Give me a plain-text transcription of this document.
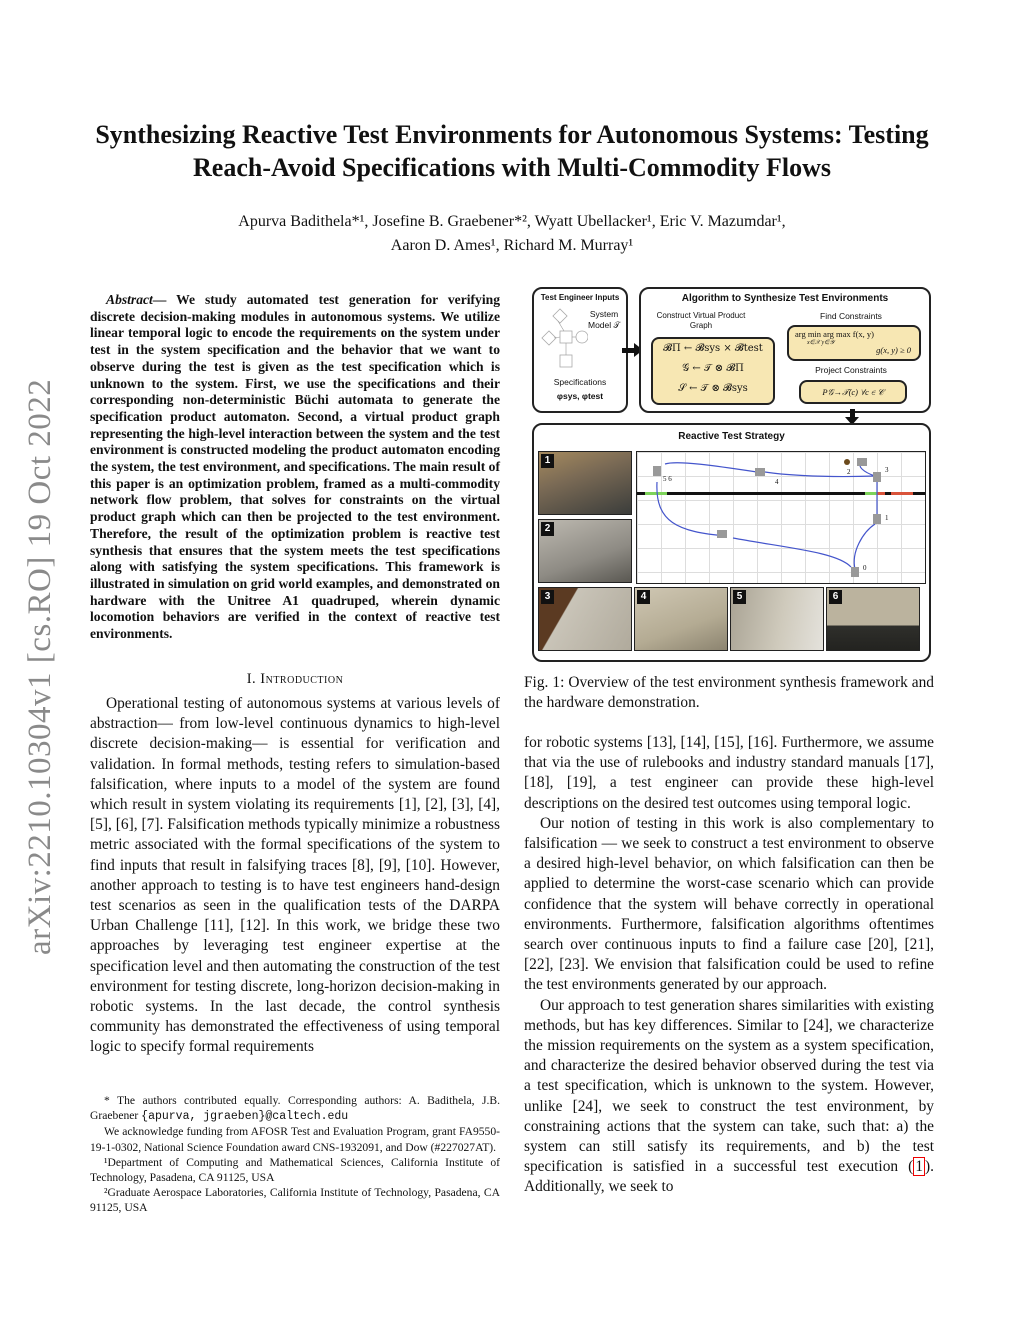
arXiv:2210.10304v1 [cs.RO] 19 Oct 2022
Synthesizing Reactive Test Environments for Autonomous Systems: Testing Reach-Avoid Specifications with Multi-Commodity Flows
Apurva Badithela*¹, Josefine B. Graebener*², Wyatt Ubellacker¹, Eric V. Mazumdar¹,
Aaron D. Ames¹, Richard M. Murray¹

Abstract— We study automated test generation for verifying discrete decision-making modules in autonomous systems. We utilize linear temporal logic to encode the requirements on the system under test in the system specification and the behavior that we want to observe during the test is given as the test specification which is unknown to the system. First, we use the specifications and their corresponding non-deterministic Büchi automata to generate the specification product automaton. Second, a virtual product graph representing the high-level interaction between the system and the test environment is constructed modeling the product automaton encoding the system, the test environment, and specifications. The main result of this paper is an optimization problem, framed as a multi-commodity network flow problem, that solves for constraints on the virtual product graph which can then be projected to the test environment. Therefore, the result of the optimization problem is reactive test synthesis that ensures that the system meets the test specifications along with satisfying the system specifications. This framework is illustrated in simulation on grid world examples, and demonstrated on hardware with the Unitree A1 quadruped, wherein dynamic locomotion behaviors are verified in the context of reactive test environments.

I. Introduction

Operational testing of autonomous systems at various levels of abstraction— from low-level continuous dynamics to high-level discrete decision-making— is essential for verification and validation. In formal methods, testing refers to simulation-based falsification, where inputs to a model of the system are found which result in system violating its requirements [1], [2], [3], [4], [5], [6], [7]. Falsification methods typically minimize a robustness metric associated with the formal specifications of the system to find inputs that result in falsifying traces [8], [9], [10]. However, another approach to testing is to have test engineers hand-design test scenarios as seen in the qualification tests of the DARPA Urban Challenge [11], [12]. In this work, we bridge these two approaches by leveraging test engineer expertise at the specification level and then automating the construction of the test environment for testing discrete, long-horizon decision-making in robotic systems. In the last decade, the control synthesis community has demonstrated the effectiveness of using temporal logic to specify formal requirements

* The authors contributed equally. Corresponding authors: A. Badithela, J.B. Graebener {apurva, jgraeben}@caltech.edu

We acknowledge funding from AFOSR Test and Evaluation Program, grant FA9550-19-1-0302, National Science Foundation award CNS-1932091, and Dow (#227027AT).

¹Department of Computing and Mathematical Sciences, California Institute of Technology, Pasadena, CA 91125, USA

²Graduate Aerospace Laboratories, California Institute of Technology, Pasadena, CA 91125, USA

Test Engineer Inputs
System Model 𝒯
Specifications
φsys, φtest
Algorithm to Synthesize Test Environments
Construct Virtual Product Graph
𝓑Π ← 𝓑sys × 𝓑test
𝒢 ← 𝒯 ⊗ 𝓑Π
𝒮 ← 𝒯 ⊗ 𝓑sys
Find Constraints
arg min arg max f(x, y)
x∈𝒳 y∈𝒴
g(x, y) ≥ 0
Project Constraints
P𝒢→𝒯(c) ∀c ∈ 𝒞
Reactive Test Strategy
1
2
5 6	4
2	3
1
0
3	4	5	6
Fig. 1: Overview of the test environment synthesis framework and the hardware demonstration.

for robotic systems [13], [14], [15], [16]. Furthermore, we assume that via the use of rulebooks and industry standard manuals [17], [18], [19], a test engineer can provide these high-level descriptions on the desired test outcomes using temporal logic.

Our notion of testing in this work is also complementary to falsification — we seek to construct a test environment to observe a desired high-level behavior, on which falsification can then be applied to determine the worst-case scenario which can provide confidence that the system will behave correctly in operational environments. Furthermore, falsification algorithms oftentimes search over continuous inputs to find a failure case [20], [21], [22], [23]. We envision that falsification could be used to refine the test environments generated by our approach.

Our approach to test generation shares similarities with existing methods, but has key differences. Similar to [24], we characterize the mission requirements on the system as a system specification, and characterize the desired behavior observed during the test via a test specification, which is unknown to the system. However, unlike [24], we seek to construct the test environment, by constraining actions that the system can take, such that: a) the system can still satisfy its requirements, and b) the test specification is satisfied in a successful test execution ( 1 ). Additionally, we seek to
